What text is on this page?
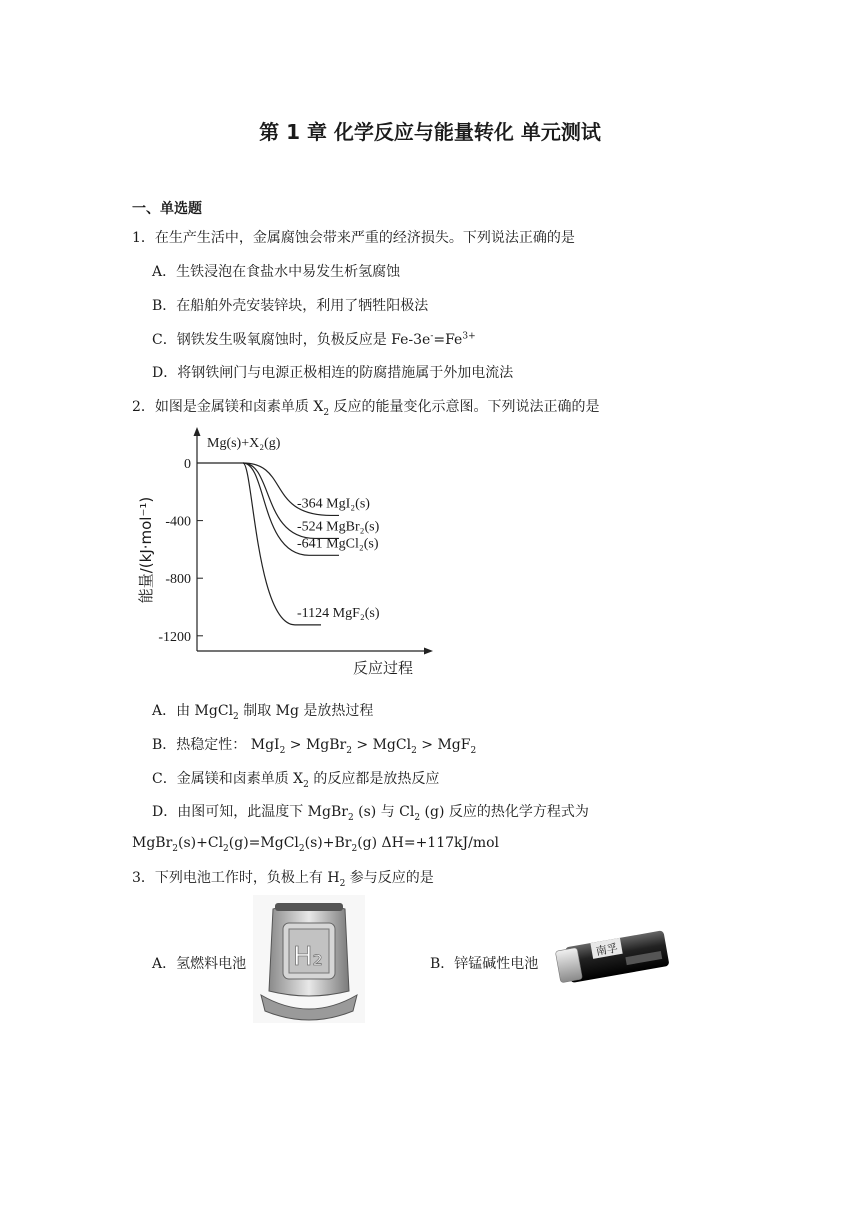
第 1 章 化学反应与能量转化 单元测试
一、单选题
1．在生产生活中，金属腐蚀会带来严重的经济损失。下列说法正确的是
A．生铁浸泡在食盐水中易发生析氢腐蚀
B．在船舶外壳安装锌块，利用了牺牲阳极法
C．钢铁发生吸氧腐蚀时，负极反应是 $Fe-3e^-=Fe^{3+}$
D．将钢铁闸门与电源正极相连的防腐措施属于外加电流法
2．如图是金属镁和卤素单质 $X_2$ 反应的能量变化示意图。下列说法正确的是
0
-400
-800
-1200
-364 MgI₂(s)
-524 MgBr₂(s)
-641 MgCl₂(s)
-1124 MgF₂(s)
Mg(s)+X₂(g)
能量/(kJ·mol⁻¹)
反应过程
A．由 MgCl$_2$ 制取 Mg 是放热过程
B．热稳定性： MgI$_2$ > MgBr$_2$ > MgCl$_2$ > MgF$_2$
C．金属镁和卤素单质 $X_2$ 的反应都是放热反应
D．由图可知，此温度下 MgBr$_2$ (s) 与 $Cl_2$ (g) 反应的热化学方程式为
$MgBr_2(s)+Cl_2(g)=MgCl_2(s)+Br_2(g)$ ΔH=+117kJ/mol
3．下列电池工作时，负极上有 $H_2$ 参与反应的是
A．氢燃料电池 H₂	B．锌锰碱性电池
南孚
